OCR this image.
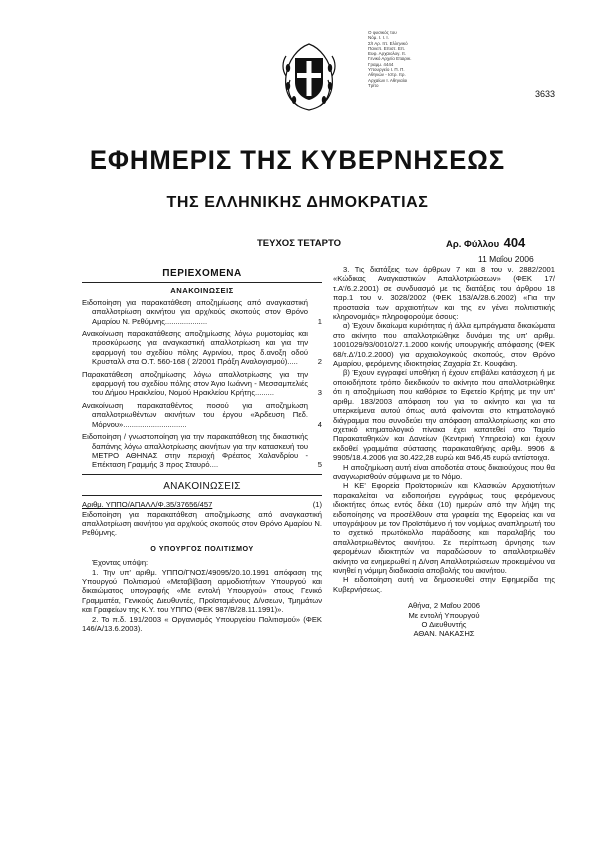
Ο φυσικός του
Νόμ. Ι. Ι. Ι.
Σ/Ι Αρ. Ιττ. Ελληνικό
Πανεπ. Επιστ. Επ.
Ευφ. Αρχαιολογ. Ιτ.
Γενικό Αρχείο Εταιρικ.
Γραμμ. 4444
Υπουργείο Ι. Π. Π.
Αθηνών - Ιστρ. Ιτρ.
Αρχαίων Ι. Αθηναίοι
Τρίτο
3633
ΕΦΗΜΕΡΙΣ ΤΗΣ ΚΥΒΕΡΝΗΣΕΩΣ
ΤΗΣ ΕΛΛΗΝΙΚΗΣ ΔΗΜΟΚΡΑΤΙΑΣ
ΤΕΥΧΟΣ ΤΕΤΑΡΤΟ	Αρ. Φύλλου 404
11 Μαΐου 2006
ΠΕΡΙΕΧΟΜΕΝΑ
ΑΝΑΚΟΙΝΩΣΕΙΣ
Ειδοποίηση για παρακατάθεση αποζημίωσης από αναγκαστική απαλλοτρίωση ακινήτου για αρχ/κούς σκοπούς στον Θρόνο Αμαρίου Ν. Ρεθύμνης....................	1
Ανακοίνωση παρακατάθεσης αποζημίωσης λόγω ρυμοτομίας και προσκύρωσης για αναγκαστική απαλλοτρίωση και για την εφαρμογή του σχεδίου πόλης Αγρινίου, προς δ.ανοξη οδού Κρυσταλλ στα Ο.Τ. 560-168 ( 2/2001 Πράξη Αναλογισμού).....	2
Παρακατάθεση αποζημίωσης λόγω απαλλοτρίωσης για την εφαρμογή του σχεδίου πόλης στον Άγιο Ιωάννη - Μεσσαμπελιές του Δήμου Ηρακλείου, Νομού Ηρακλείου Κρήτης.........	3
Ανακοίνωση παρακαταθέντος ποσού για αποζημίωση απαλλοτριωθέντων ακινήτων του έργου «Άρδευση Πεδ. Μόρνου»..............................	4
Ειδοποίηση / γνωστοποίηση για την παρακατάθεση της δικαστικής δαπάνης λόγω απαλλοτρίωσης ακινήτων για την κατασκευή του ΜΕΤΡΟ ΑΘΗΝΑΣ στην περιοχή Φρέατος Χαλανδρίου - Επέκταση Γραμμής 3 προς Σταυρό....	5
ΑΝΑΚΟΙΝΩΣΕΙΣ

Αριθμ. ΥΠΠΟ/ΑΠΑΛΛ/Φ.35/37656/457	(1)

Ειδοποίηση για παρακατάθεση αποζημίωσης από αναγκαστική απαλλοτρίωση ακινήτου για αρχ/κούς σκοπούς στον Θρόνο Αμαρίου Ν. Ρεθύμνης.

Ο ΥΠΟΥΡΓΟΣ ΠΟΛΙΤΙΣΜΟΥ

Έχοντας υπόψη:

1. Την υπ' αριθμ. ΥΠΠΟ/ΓΝΟΣ/49095/20.10.1991 απόφαση της Υπουργού Πολιτισμού «Μεταβίβαση αρμοδιοτήτων Υπουργού και δικαιώματος υπογραφής «Με εντολή Υπουργού» στους Γενικό Γραμματέα, Γενικούς Διευθυντές, Προϊσταμένους Δ/νσεων, Τμημάτων και Γραφείων της Κ.Υ. του ΥΠΠΟ (ΦΕΚ 987/Β/28.11.1991)».

2. Το π.δ. 191/2003 « Οργανισμός Υπουργείου Πολιτισμού» (ΦΕΚ 146/Α/13.6.2003).

3. Τις διατάξεις των άρθρων 7 και 8 του ν. 2882/2001 «Κώδικας Αναγκαστικών Απαλλοτριώσεων» (ΦΕΚ 17/τ.Α'/6.2.2001) σε συνδυασμό με τις διατάξεις του άρθρου 18 παρ.1 του ν. 3028/2002 (ΦΕΚ 153/Α/28.6.2002) «Για την προστασία των αρχαιοτήτων και της εν γένει πολιτιστικής κληρονομιάς» πληροφορούμε όσους:

α) Έχουν δικαίωμα κυριότητας ή άλλα εμπράγματα δικαιώματα στο ακίνητο που απαλλοτριώθηκε δυνάμει της υπ' αριθμ. 1001029/93/0010/27.1.2000 κοινής υπουργικής απόφασης (ΦΕΚ 68/τ.Δ'/10.2.2000) για αρχαιολογικούς σκοπούς, στον Θρόνο Αμαρίου, φερόμενης ιδιοκτησίας Ζαχαρία Στ. Κουφάκη.

β) Έχουν εγγραφεί υποθήκη ή έχουν επιβάλει κατάσχεση ή με οποιοδήποτε τρόπο διεκδικούν το ακίνητο που απαλλοτριώθηκε ότι η αποζημίωση που καθόρισε το Εφετείο Κρήτης με την υπ' αριθμ. 183/2003 απόφαση του για το ακίνητο και για τα υπερκείμενα αυτού όπως αυτά φαίνονται στο κτηματολογικό διάγραμμα που συνοδεύει την απόφαση απαλλοτρίωσης και στο σχετικό κτηματολογικό πίνακα έχει κατατεθεί στο Ταμείο Παρακαταθηκών και Δανείων (Κεντρική Υπηρεσία) και έχουν εκδοθεί γραμμάτια σύστασης παρακαταθήκης αριθμ. 9906 & 9905/18.4.2006 για 30.422,28 ευρώ και 946,45 ευρώ αντίστοιχα.

Η αποζημίωση αυτή είναι αποδοτέα στους δικαιούχους που θα αναγνωρισθούν σύμφωνα με το Νόμο.

Η ΚΕ' Εφορεία Προϊστορικών και Κλασικών Αρχαιοτήτων παρακαλείται να ειδοποιήσει εγγράφως τους φερόμενους ιδιοκτήτες όπως εντός δέκα (10) ημερών από την λήψη της ειδοποίησης να προσέλθουν στα γραφεία της Εφορείας και να υπογράψουν με τον Προϊστάμενο ή τον νομίμως αναπληρωτή του το σχετικό πρωτόκολλο παράδοσης και παραλαβής του απαλλοτριωθέντος ακινήτου. Σε περίπτωση άρνησης των φερομένων ιδιοκτητών να παραδώσουν το απαλλοτριωθέν ακίνητο να ενημερωθεί η Δ/νση Απαλλοτριώσεων προκειμένου να κινηθεί η νόμιμη διαδικασία αποβολής του ακινήτου.

Η ειδοποίηση αυτή να δημοσιευθεί στην Εφημερίδα της Κυβερνήσεως.

Αθήνα, 2 Μαΐου 2006
Με εντολή Υπουργού
Ο Διευθυντής
ΑΘΑΝ. ΝΑΚΑΣΗΣ
